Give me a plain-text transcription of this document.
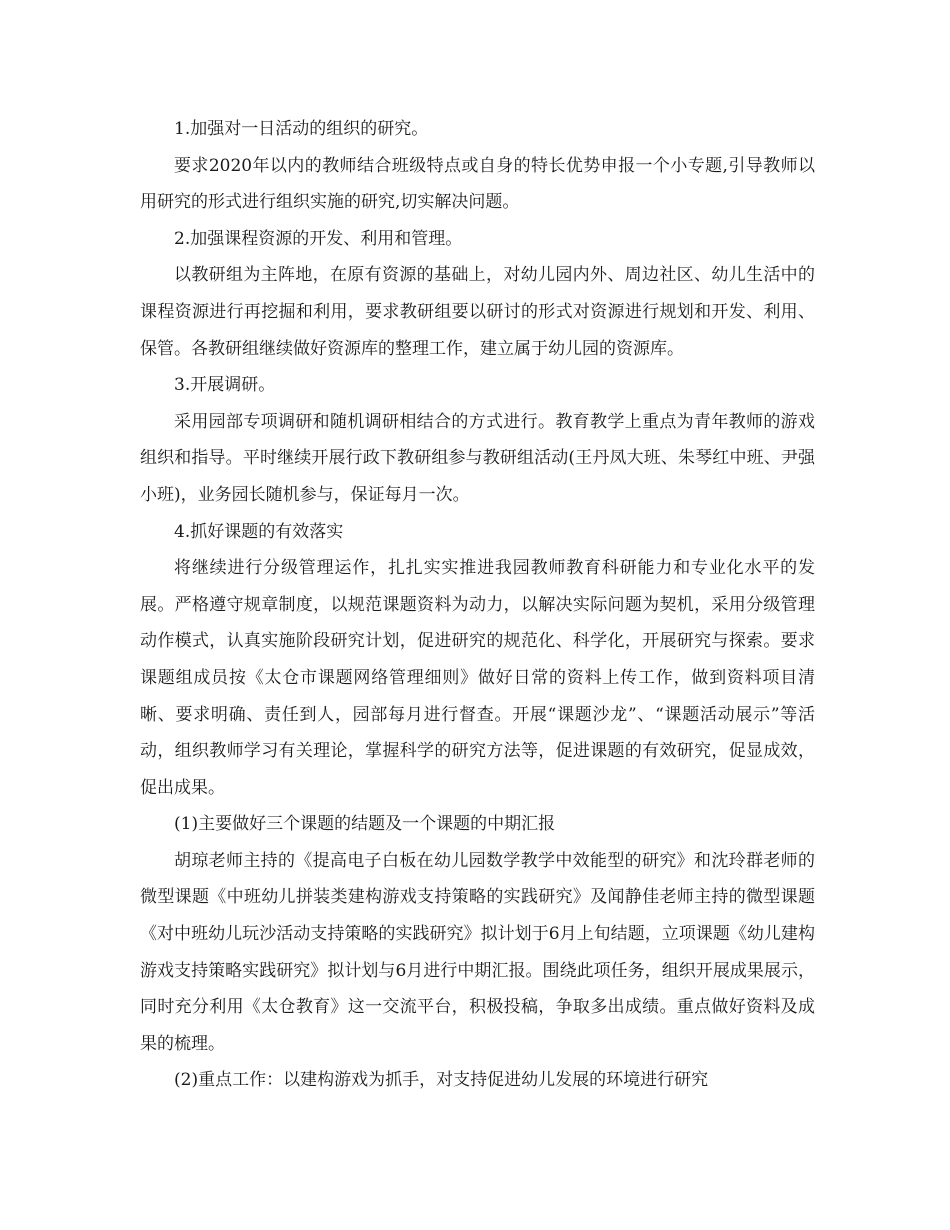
1.加强对一日活动的组织的研究。

要求2020年以内的教师结合班级特点或自身的特长优势申报一个小专题,引导教师以用研究的形式进行组织实施的研究,切实解决问题。

2.加强课程资源的开发、利用和管理。

以教研组为主阵地，在原有资源的基础上，对幼儿园内外、周边社区、幼儿生活中的课程资源进行再挖掘和利用，要求教研组要以研讨的形式对资源进行规划和开发、利用、保管。各教研组继续做好资源库的整理工作，建立属于幼儿园的资源库。

3.开展调研。

采用园部专项调研和随机调研相结合的方式进行。教育教学上重点为青年教师的游戏组织和指导。平时继续开展行政下教研组参与教研组活动(王丹凤大班、朱琴红中班、尹强小班)，业务园长随机参与，保证每月一次。

4.抓好课题的有效落实

将继续进行分级管理运作，扎扎实实推进我园教师教育科研能力和专业化水平的发展。严格遵守规章制度，以规范课题资料为动力，以解决实际问题为契机，采用分级管理动作模式，认真实施阶段研究计划，促进研究的规范化、科学化，开展研究与探索。要求课题组成员按《太仓市课题网络管理细则》做好日常的资料上传工作，做到资料项目清晰、要求明确、责任到人，园部每月进行督查。开展“课题沙龙”、“课题活动展示”等活动，组织教师学习有关理论，掌握科学的研究方法等，促进课题的有效研究，促显成效，促出成果。

(1)主要做好三个课题的结题及一个课题的中期汇报

胡琼老师主持的《提高电子白板在幼儿园数学教学中效能型的研究》和沈玲群老师的微型课题《中班幼儿拼装类建构游戏支持策略的实践研究》及闻静佳老师主持的微型课题《对中班幼儿玩沙活动支持策略的实践研究》拟计划于6月上旬结题，立项课题《幼儿建构游戏支持策略实践研究》拟计划与6月进行中期汇报。围绕此项任务，组织开展成果展示，同时充分利用《太仓教育》这一交流平台，积极投稿，争取多出成绩。重点做好资料及成果的梳理。

(2)重点工作：以建构游戏为抓手，对支持促进幼儿发展的环境进行研究
